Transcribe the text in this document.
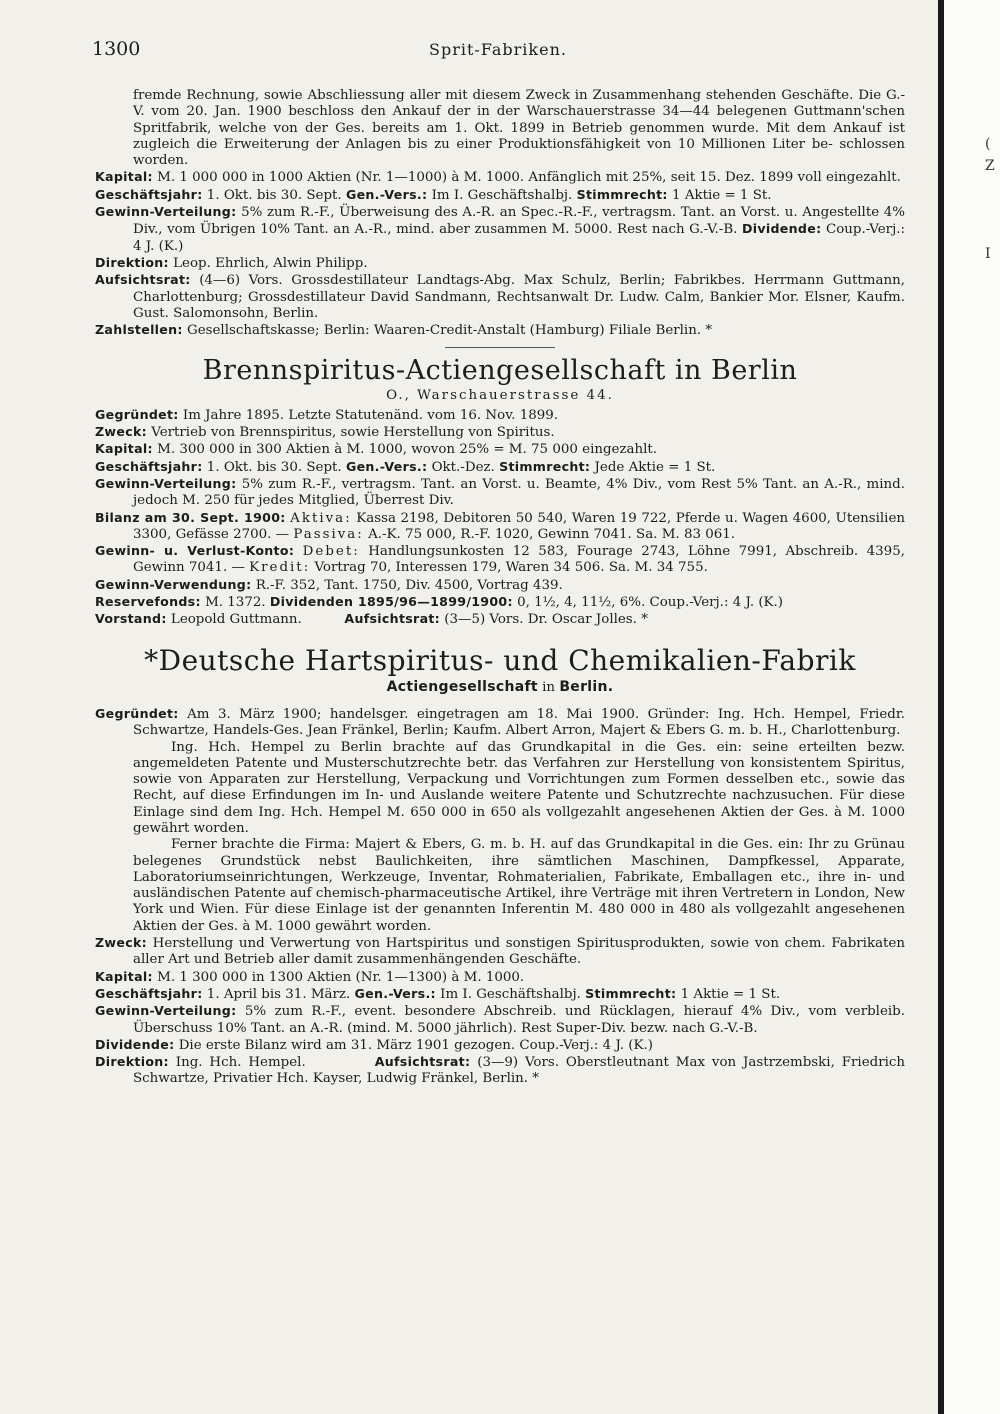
(
Z
I
1300	Sprit-Fabriken.

fremde Rechnung, sowie Abschliessung aller mit diesem Zweck in Zusammenhang stehenden Geschäfte. Die G.-V. vom 20. Jan. 1900 beschloss den Ankauf der in der Warschauerstrasse 34—44 belegenen Guttmann'schen Spritfabrik, welche von der Ges. bereits am 1. Okt. 1899 in Betrieb genommen wurde. Mit dem Ankauf ist zugleich die Erweiterung der Anlagen bis zu einer Produktionsfähigkeit von 10 Millionen Liter be- schlossen worden.

Kapital: M. 1 000 000 in 1000 Aktien (Nr. 1—1000) à M. 1000. Anfänglich mit 25%, seit 15. Dez. 1899 voll eingezahlt.

Geschäftsjahr: 1. Okt. bis 30. Sept. Gen.-Vers.: Im I. Geschäftshalbj. Stimmrecht: 1 Aktie = 1 St.

Gewinn-Verteilung: 5% zum R.-F., Überweisung des A.-R. an Spec.-R.-F., vertragsm. Tant. an Vorst. u. Angestellte 4% Div., vom Übrigen 10% Tant. an A.-R., mind. aber zusammen M. 5000. Rest nach G.-V.-B. Dividende: Coup.-Verj.: 4 J. (K.)

Direktion: Leop. Ehrlich, Alwin Philipp.

Aufsichtsrat: (4—6) Vors. Grossdestillateur Landtags-Abg. Max Schulz, Berlin; Fabrikbes. Herrmann Guttmann, Charlottenburg; Grossdestillateur David Sandmann, Rechtsanwalt Dr. Ludw. Calm, Bankier Mor. Elsner, Kaufm. Gust. Salomonsohn, Berlin.

Zahlstellen: Gesellschaftskasse; Berlin: Waaren-Credit-Anstalt (Hamburg) Filiale Berlin. *

Brennspiritus-Actiengesellschaft in Berlin
O., Warschauerstrasse 44.

Gegründet: Im Jahre 1895. Letzte Statutenänd. vom 16. Nov. 1899.

Zweck: Vertrieb von Brennspiritus, sowie Herstellung von Spiritus.

Kapital: M. 300 000 in 300 Aktien à M. 1000, wovon 25% = M. 75 000 eingezahlt.

Geschäftsjahr: 1. Okt. bis 30. Sept. Gen.-Vers.: Okt.-Dez. Stimmrecht: Jede Aktie = 1 St.

Gewinn-Verteilung: 5% zum R.-F., vertragsm. Tant. an Vorst. u. Beamte, 4% Div., vom Rest 5% Tant. an A.-R., mind. jedoch M. 250 für jedes Mitglied, Überrest Div.

Bilanz am 30. Sept. 1900: Aktiva: Kassa 2198, Debitoren 50 540, Waren 19 722, Pferde u. Wagen 4600, Utensilien 3300, Gefässe 2700. — Passiva: A.-K. 75 000, R.-F. 1020, Gewinn 7041. Sa. M. 83 061.

Gewinn- u. Verlust-Konto: Debet: Handlungsunkosten 12 583, Fourage 2743, Löhne 7991, Abschreib. 4395, Gewinn 7041. — Kredit: Vortrag 70, Interessen 179, Waren 34 506. Sa. M. 34 755.

Gewinn-Verwendung: R.-F. 352, Tant. 1750, Div. 4500, Vortrag 439.

Reservefonds: M. 1372. Dividenden 1895/96—1899/1900: 0, 1½, 4, 11½, 6%. Coup.-Verj.: 4 J. (K.)

Vorstand: Leopold Guttmann.	Aufsichtsrat: (3—5) Vors. Dr. Oscar Jolles. *

*Deutsche Hartspiritus- und Chemikalien-Fabrik
Actiengesellschaft in Berlin.

Gegründet: Am 3. März 1900; handelsger. eingetragen am 18. Mai 1900. Gründer: Ing. Hch. Hempel, Friedr. Schwartze, Handels-Ges. Jean Fränkel, Berlin; Kaufm. Albert Arron, Majert & Ebers G. m. b. H., Charlottenburg.

Ing. Hch. Hempel zu Berlin brachte auf das Grundkapital in die Ges. ein: seine erteilten bezw. angemeldeten Patente und Musterschutzrechte betr. das Verfahren zur Herstellung von konsistentem Spiritus, sowie von Apparaten zur Herstellung, Verpackung und Vorrichtungen zum Formen desselben etc., sowie das Recht, auf diese Erfindungen im In- und Auslande weitere Patente und Schutzrechte nachzusuchen. Für diese Einlage sind dem Ing. Hch. Hempel M. 650 000 in 650 als vollgezahlt angesehenen Aktien der Ges. à M. 1000 gewährt worden.

Ferner brachte die Firma: Majert & Ebers, G. m. b. H. auf das Grundkapital in die Ges. ein: Ihr zu Grünau belegenes Grundstück nebst Baulichkeiten, ihre sämtlichen Maschinen, Dampfkessel, Apparate, Laboratoriumseinrichtungen, Werkzeuge, Inventar, Rohmaterialien, Fabrikate, Emballagen etc., ihre in- und ausländischen Patente auf chemisch-pharmaceutische Artikel, ihre Verträge mit ihren Vertretern in London, New York und Wien. Für diese Einlage ist der genannten Inferentin M. 480 000 in 480 als vollgezahlt angesehenen Aktien der Ges. à M. 1000 gewährt worden.

Zweck: Herstellung und Verwertung von Hartspiritus und sonstigen Spiritusprodukten, sowie von chem. Fabrikaten aller Art und Betrieb aller damit zusammenhängenden Geschäfte.

Kapital: M. 1 300 000 in 1300 Aktien (Nr. 1—1300) à M. 1000.

Geschäftsjahr: 1. April bis 31. März. Gen.-Vers.: Im I. Geschäftshalbj. Stimmrecht: 1 Aktie = 1 St.

Gewinn-Verteilung: 5% zum R.-F., event. besondere Abschreib. und Rücklagen, hierauf 4% Div., vom verbleib. Überschuss 10% Tant. an A.-R. (mind. M. 5000 jährlich). Rest Super-Div. bezw. nach G.-V.-B.

Dividende: Die erste Bilanz wird am 31. März 1901 gezogen. Coup.-Verj.: 4 J. (K.)

Direktion: Ing. Hch. Hempel.	Aufsichtsrat: (3—9) Vors. Oberstleutnant Max von Jastrzembski, Friedrich Schwartze, Privatier Hch. Kayser, Ludwig Fränkel, Berlin. *
